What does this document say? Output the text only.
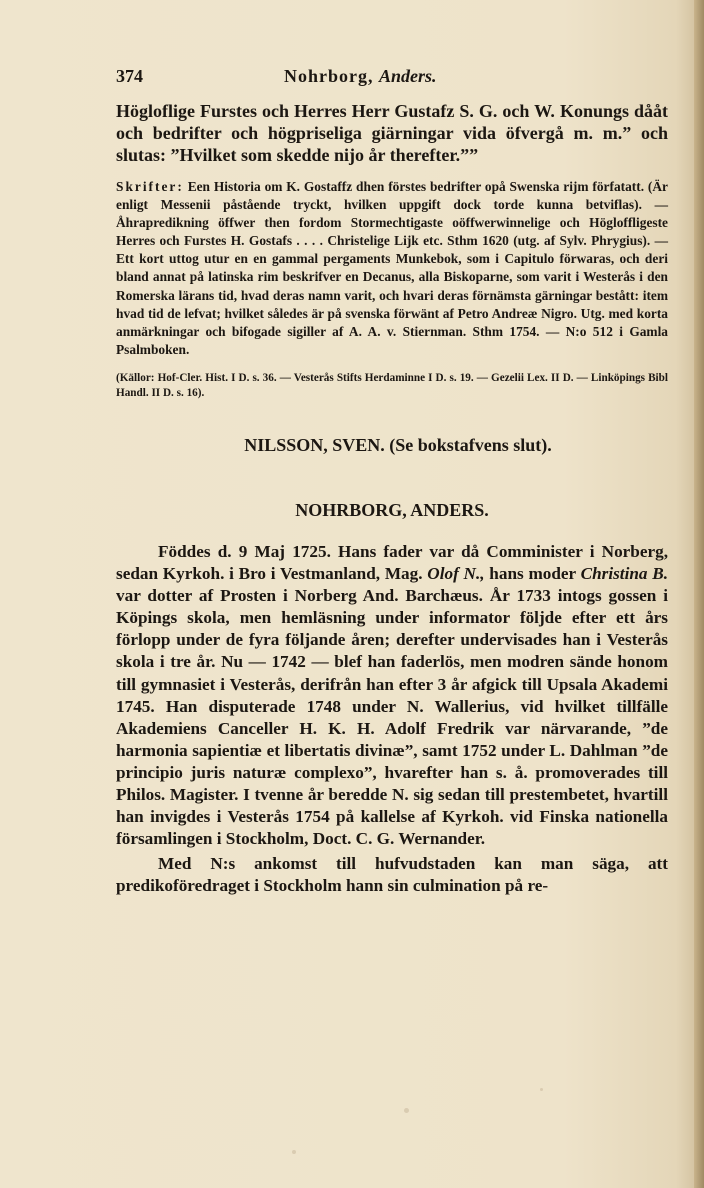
374	Nohrborg, Anders.

Högloflige Furstes och Herres Herr Gustafz S. G. och W. Konungs dååt och bedrifter och högpriseliga giärningar vida öfvergå m. m.” och slutas: ”Hvilket som skedde nijo år therefter.””

Skrifter: Een Historia om K. Gostaffz dhen förstes bedrifter opå Swenska rijm förfatatt. (Är enligt Messenii påstående tryckt, hvilken uppgift dock torde kunna betviflas). — Åhrapredikning öffwer then fordom Stormechtigaste oöffwerwinnelige och Högloffligeste Herres och Furstes H. Gostafs . . . . Christelige Lijk etc. Sthm 1620 (utg. af Sylv. Phrygius). — Ett kort uttog utur en en gammal pergaments Munkebok, som i Capitulo förwaras, och deri bland annat på latinska rim beskrifver en Decanus, alla Biskoparne, som varit i Westerås i den Romerska lärans tid, hvad deras namn varit, och hvari deras förnämsta gärningar bestått: item hvad tid de lefvat; hvilket således är på svenska förwänt af Petro Andreæ Nigro. Utg. med korta anmärkningar och bifogade sigiller af A. A. v. Stiernman. Sthm 1754. — N:o 512 i Gamla Psalmboken.

(Källor: Hof-Cler. Hist. I D. s. 36. — Vesterås Stifts Herdaminne I D. s. 19. — Gezelii Lex. II D. — Linköpings Bibl Handl. II D. s. 16).

NILSSON, SVEN. (Se bokstafvens slut).
NOHRBORG, ANDERS.

Föddes d. 9 Maj 1725. Hans fader var då Comminister i Norberg, sedan Kyrkoh. i Bro i Vestmanland, Mag. Olof N., hans moder Christina B. var dotter af Prosten i Norberg And. Barchæus. År 1733 intogs gossen i Köpings skola, men hemläsning under informator följde efter ett års förlopp under de fyra följande åren; derefter undervisades han i Vesterås skola i tre år. Nu — 1742 — blef han faderlös, men modren sände honom till gymnasiet i Vesterås, derifrån han efter 3 år afgick till Upsala Akademi 1745. Han disputerade 1748 under N. Wallerius, vid hvilket tillfälle Akademiens Canceller H. K. H. Adolf Fredrik var närvarande, ”de harmonia sapientiæ et libertatis divinæ”, samt 1752 under L. Dahlman ”de principio juris naturæ complexo”, hvarefter han s. å. promoverades till Philos. Magister. I tvenne år beredde N. sig sedan till prestembetet, hvartill han invigdes i Vesterås 1754 på kallelse af Kyrkoh. vid Finska nationella församlingen i Stockholm, Doct. C. G. Wernander.

Med N:s ankomst till hufvudstaden kan man säga, att predikoföredraget i Stockholm hann sin culmination på re-
